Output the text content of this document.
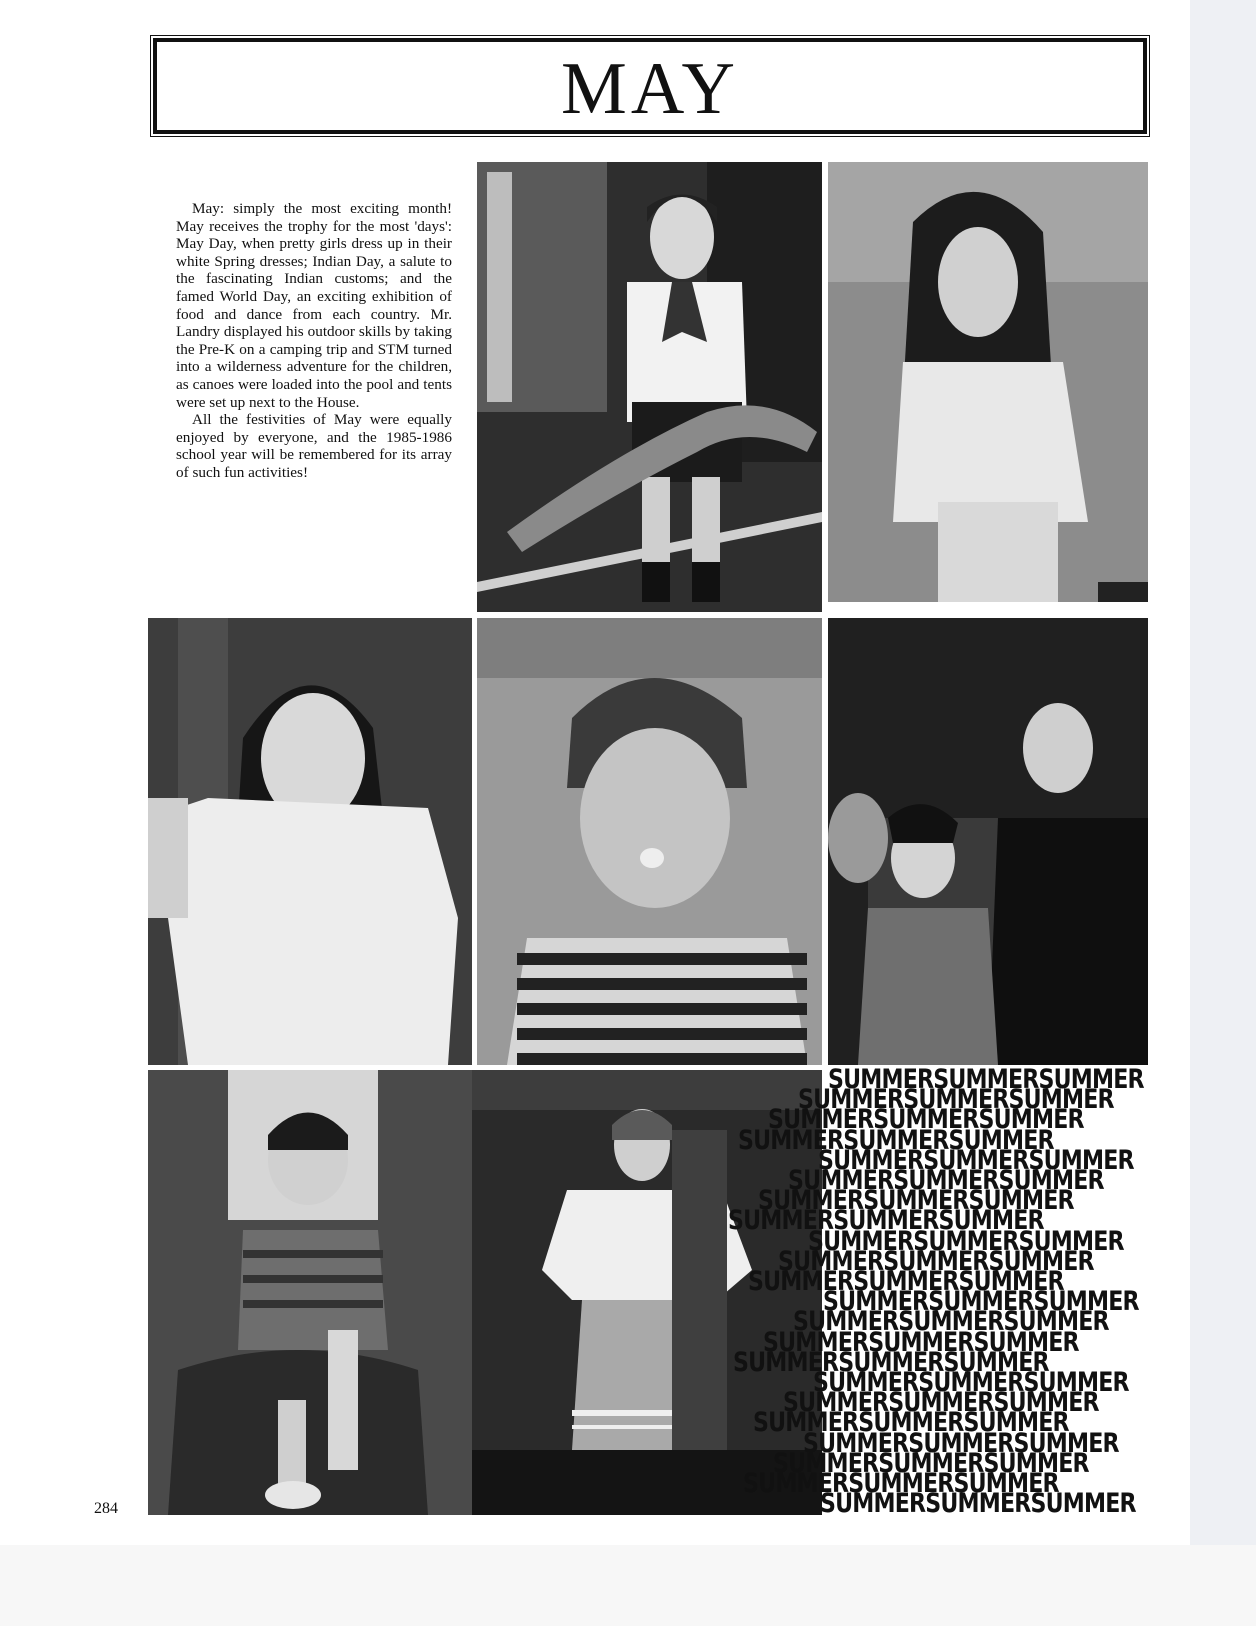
MAY

May: simply the most exciting month! May receives the trophy for the most 'days': May Day, when pretty girls dress up in their white Spring dresses; Indian Day, a salute to the fascinating Indian customs; and the famed World Day, an exciting exhibition of food and dance from each country. Mr. Landry displayed his outdoor skills by taking the Pre-K on a camping trip and STM turned into a wilderness adventure for the children, as canoes were loaded into the pool and tents were set up next to the House.

All the festivities of May were equally enjoyed by everyone, and the 1985-1986 school year will be remembered for its array of such fun activities!

SUMMERSUMMERSUMMER
SUMMERSUMMERSUMMER
SUMMERSUMMERSUMMER
SUMMERSUMMERSUMMER
SUMMERSUMMERSUMMER
SUMMERSUMMERSUMMER
SUMMERSUMMERSUMMER
SUMMERSUMMERSUMMER
SUMMERSUMMERSUMMER
SUMMERSUMMERSUMMER
SUMMERSUMMERSUMMER
SUMMERSUMMERSUMMER
SUMMERSUMMERSUMMER
SUMMERSUMMERSUMMER
SUMMERSUMMERSUMMER
SUMMERSUMMERSUMMER
SUMMERSUMMERSUMMER
SUMMERSUMMERSUMMER
SUMMERSUMMERSUMMER
SUMMERSUMMERSUMMER
SUMMERSUMMERSUMMER
SUMMERSUMMERSUMMER
284
